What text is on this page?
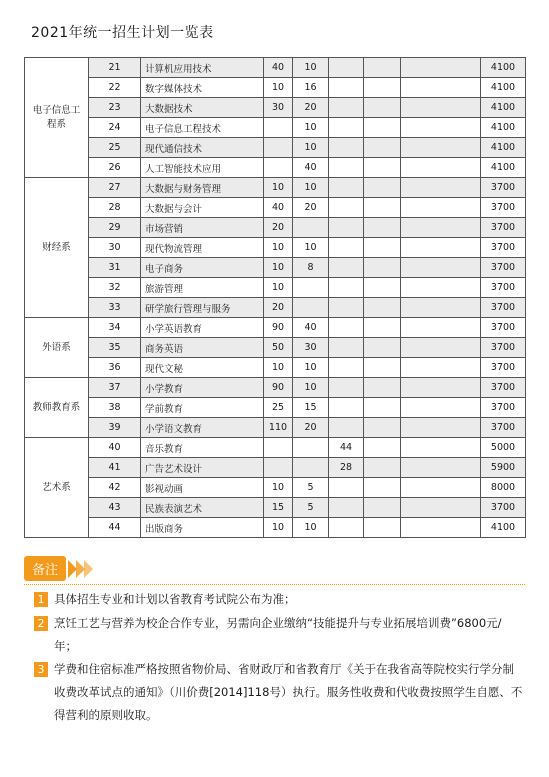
2021年统一招生计划一览表
电子信息工程系	21	计算机应用技术	40	10				4100
	22	数字媒体技术	10	16				4100
	23	大数据技术	30	20				4100
	24	电子信息工程技术		10				4100
	25	现代通信技术		10				4100
	26	人工智能技术应用		40				4100
财经系	27	大数据与财务管理	10	10				3700
	28	大数据与会计	40	20				3700
	29	市场营销	20					3700
	30	现代物流管理	10	10				3700
	31	电子商务	10	8				3700
	32	旅游管理	10					3700
	33	研学旅行管理与服务	20					3700
外语系	34	小学英语教育	90	40				3700
	35	商务英语	50	30				3700
	36	现代文秘	10	10				3700
教师教育系	37	小学教育	90	10				3700
	38	学前教育	25	15				3700
	39	小学语文教育	110	20				3700
艺术系	40	音乐教育			44			5000
	41	广告艺术设计			28			5900
	42	影视动画	10	5				8000
	43	民族表演艺术	15	5				3700
	44	出版商务	10	10				4100
备注
1 具体招生专业和计划以省教育考试院公布为准；
2 烹饪工艺与营养为校企合作专业，另需向企业缴纳“技能提升与专业拓展培训费”6800元/年；
3 学费和住宿标准严格按照省物价局、省财政厅和省教育厅《关于在我省高等院校实行学分制收费改革试点的通知》（川价费[2014]118号）执行。服务性收费和代收费按照学生自愿、不得营利的原则收取。
